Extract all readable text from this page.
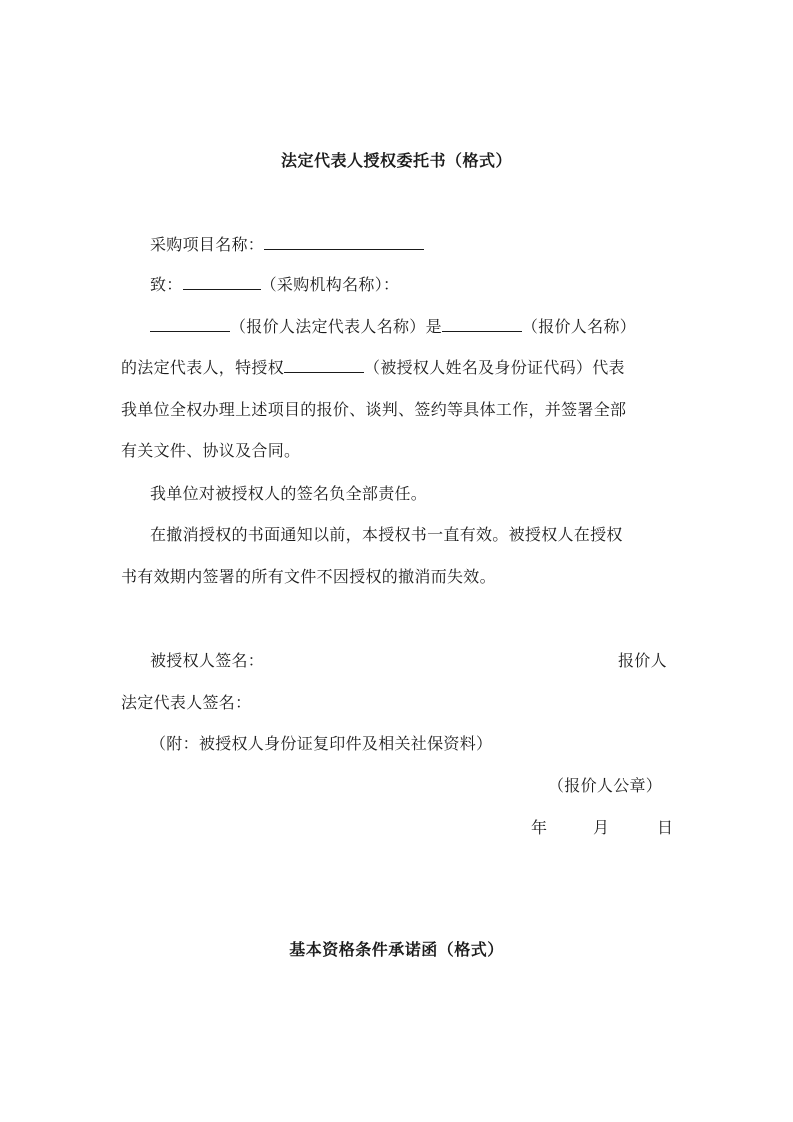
法定代表人授权委托书（格式）
采购项目名称：
致：	（采购机构名称）：
（报价人法定代表人名称）是	（报价人名称）
的法定代表人，特授权	（被授权人姓名及身份证代码）代表
我单位全权办理上述项目的报价、谈判、签约等具体工作，并签署全部
有关文件、协议及合同。
我单位对被授权人的签名负全部责任。
在撤消授权的书面通知以前，本授权书一直有效。被授权人在授权
书有效期内签署的所有文件不因授权的撤消而失效。
被授权人签名：	报价人
法定代表人签名：
（附：被授权人身份证复印件及相关社保资料）
（报价人公章）
年	月	日
基本资格条件承诺函（格式）
